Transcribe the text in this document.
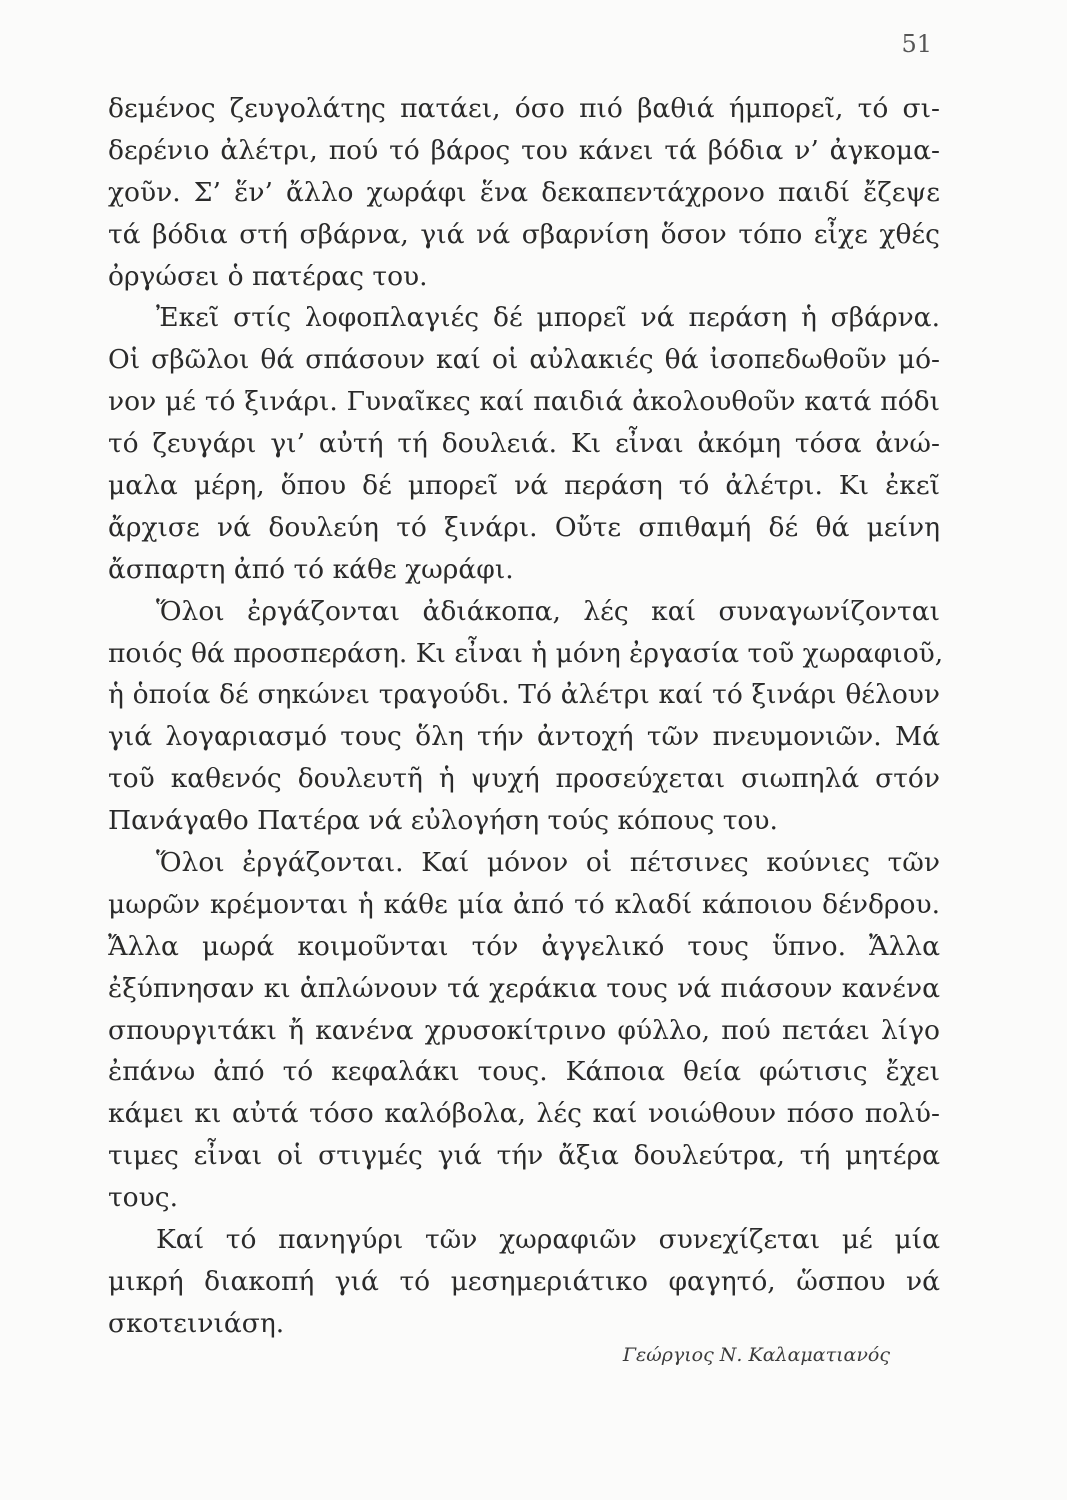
51
δεμένος ζευγολάτης πατάει, όσο πιό βαθιά ήμπορεῖ, τό σι-
δερένιο ἀλέτρι, πού τό βάρος του κάνει τά βόδια ν’ ἀγκομα-
χοῦν. Σ’ ἕν’ ἄλλο χωράφι ἕνα δεκαπεντάχρονο παιδί ἔζεψε
τά βόδια στή σβάρνα, γιά νά σβαρνίση ὅσον τόπο εἶχε χθές
ὀργώσει ὁ πατέρας του.
Ἐκεῖ στίς λοφοπλαγιές δέ μπορεῖ νά περάση ἡ σβάρνα.
Οἱ σβῶλοι θά σπάσουν καί οἱ αὐλακιές θά ἰσοπεδωθοῦν μό-
νον μέ τό ξινάρι. Γυναῖκες καί παιδιά ἀκολουθοῦν κατά πόδι
τό ζευγάρι γι’ αὐτή τή δουλειά. Κι εἶναι ἀκόμη τόσα ἀνώ-
μαλα μέρη, ὅπου δέ μπορεῖ νά περάση τό ἀλέτρι. Κι ἐκεῖ
ἄρχισε νά δουλεύη τό ξινάρι. Οὔτε σπιθαμή δέ θά μείνη
ἄσπαρτη ἀπό τό κάθε χωράφι.
Ὅλοι ἐργάζονται ἀδιάκοπα, λές καί συναγωνίζονται
ποιός θά προσπεράση. Κι εἶναι ἡ μόνη ἐργασία τοῦ χωραφιοῦ,
ἡ ὁποία δέ σηκώνει τραγούδι. Τό ἀλέτρι καί τό ξινάρι θέλουν
γιά λογαριασμό τους ὅλη τήν ἀντοχή τῶν πνευμονιῶν. Μά
τοῦ καθενός δουλευτῆ ἡ ψυχή προσεύχεται σιωπηλά στόν
Πανάγαθο Πατέρα νά εὐλογήση τούς κόπους του.
Ὅλοι ἐργάζονται. Καί μόνον οἱ πέτσινες κούνιες τῶν
μωρῶν κρέμονται ἡ κάθε μία ἀπό τό κλαδί κάποιου δένδρου.
Ἄλλα μωρά κοιμοῦνται τόν ἀγγελικό τους ὕπνο. Ἄλλα
ἐξύπνησαν κι ἁπλώνουν τά χεράκια τους νά πιάσουν κανένα
σπουργιτάκι ἤ κανένα χρυσοκίτρινο φύλλο, πού πετάει λίγο
ἐπάνω ἀπό τό κεφαλάκι τους. Κάποια θεία φώτισις ἔχει
κάμει κι αὐτά τόσο καλόβολα, λές καί νοιώθουν πόσο πολύ-
τιμες εἶναι οἱ στιγμές γιά τήν ἄξια δουλεύτρα, τή μητέρα
τους.
Καί τό πανηγύρι τῶν χωραφιῶν συνεχίζεται μέ μία
μικρή διακοπή γιά τό μεσημεριάτικο φαγητό, ὥσπου νά
σκοτεινιάση.
Γεώργιος Ν. Καλαματιανός
